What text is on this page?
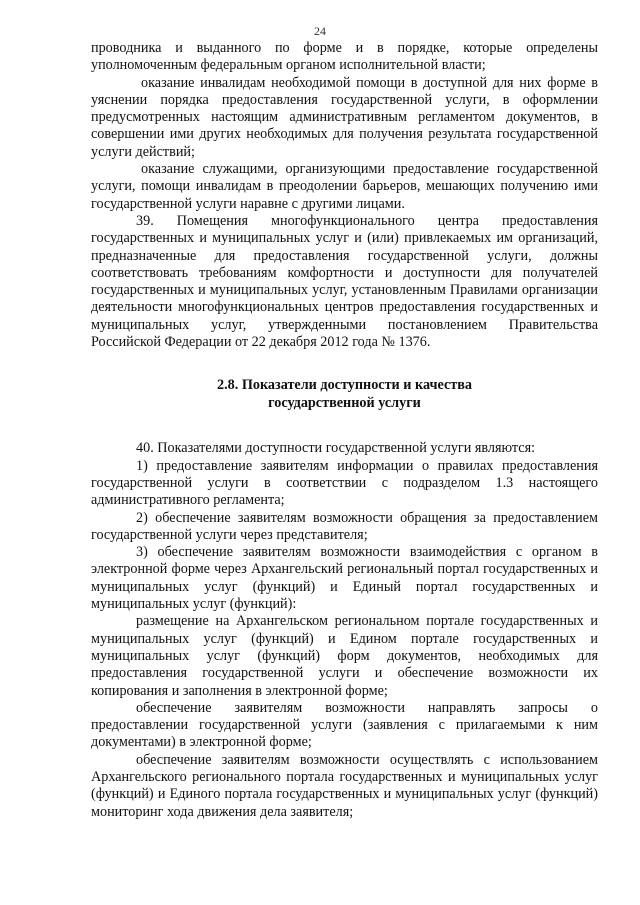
24

проводника и выданного по форме и в порядке, которые определены уполномоченным федеральным органом исполнительной власти;

оказание инвалидам необходимой помощи в доступной для них форме в уяснении порядка предоставления государственной услуги, в оформлении предусмотренных настоящим административным регламентом документов, в совершении ими других необходимых для получения результата государственной услуги действий;

оказание служащими, организующими предоставление государственной услуги, помощи инвалидам в преодолении барьеров, мешающих получению ими государственной услуги наравне с другими лицами.

39. Помещения многофункционального центра предоставления государственных и муниципальных услуг и (или) привлекаемых им организаций, предназначенные для предоставления государственной услуги, должны соответствовать требованиям комфортности и доступности для получателей государственных и муниципальных услуг, установленным Правилами организации деятельности многофункциональных центров предоставления государственных и муниципальных услуг, утвержденными постановлением Правительства Российской Федерации от 22 декабря 2012 года № 1376.

2.8. Показатели доступности и качества
государственной услуги

40. Показателями доступности государственной услуги являются:

1) предоставление заявителям информации о правилах предоставления государственной услуги в соответствии с подразделом 1.3 настоящего административного регламента;

2) обеспечение заявителям возможности обращения за предоставлением государственной услуги через представителя;

3) обеспечение заявителям возможности взаимодействия с органом в электронной форме через Архангельский региональный портал государственных и муниципальных услуг (функций) и Единый портал государственных и муниципальных услуг (функций):

размещение на Архангельском региональном портале государственных и муниципальных услуг (функций) и Едином портале государственных и муниципальных услуг (функций) форм документов, необходимых для предоставления государственной услуги и обеспечение возможности их копирования и заполнения в электронной форме;

обеспечение заявителям возможности направлять запросы о предоставлении государственной услуги (заявления с прилагаемыми к ним документами) в электронной форме;

обеспечение заявителям возможности осуществлять с использованием Архангельского регионального портала государственных и муниципальных услуг (функций) и Единого портала государственных и муниципальных услуг (функций) мониторинг хода движения дела заявителя;
